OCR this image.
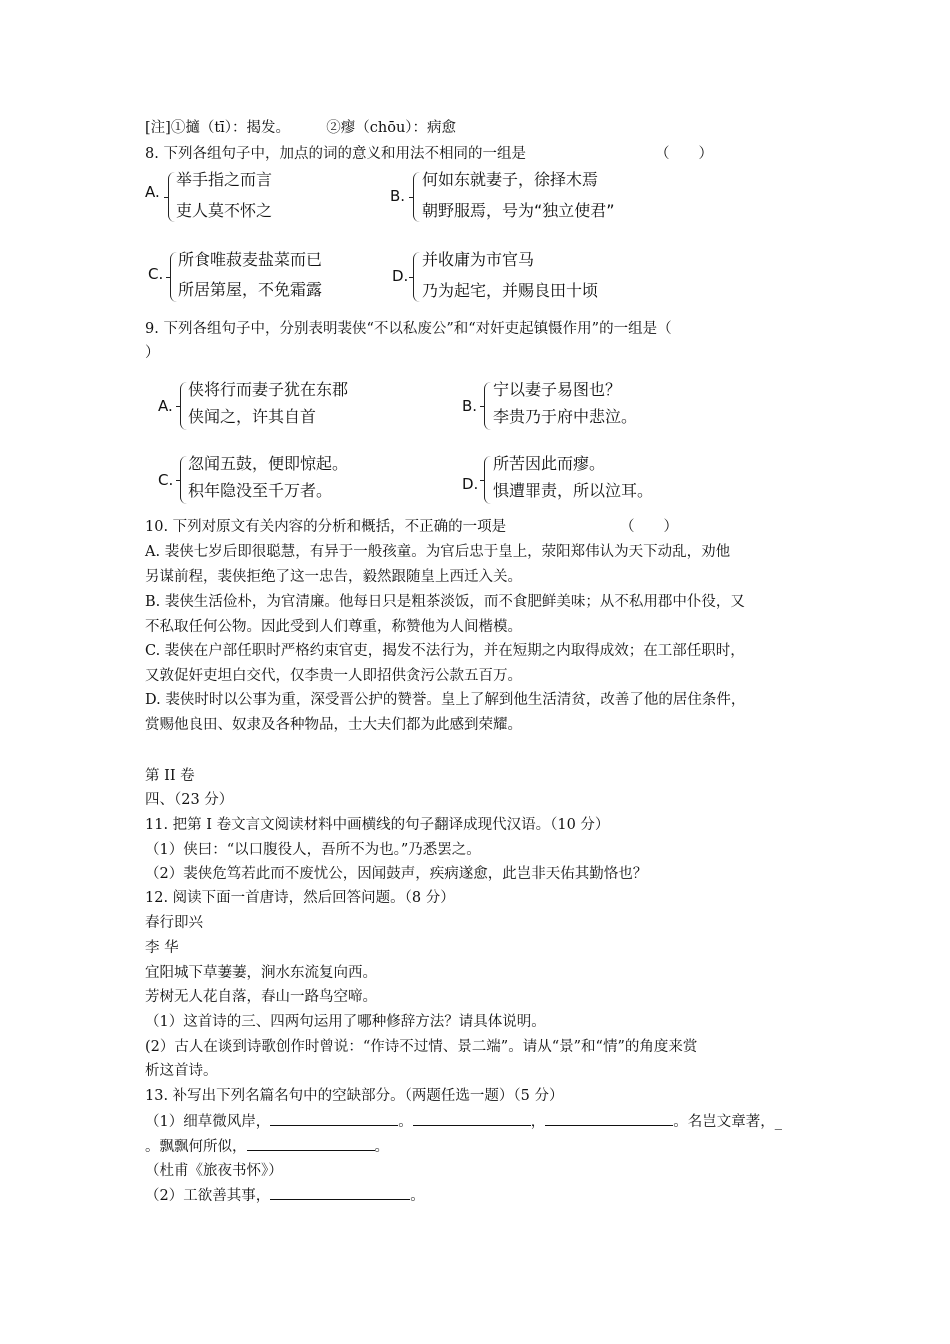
[注]①擿（tī）：揭发。　　　②瘳（chōu）：病愈
8. 下列各组句子中，加点的词的意义和用法不相同的一组是	（　　）
A.
举手指之而言
吏人莫不怀之
B.
何如东就妻子，徐择木焉
朝野服焉，号为“独立使君”
C.
所食唯菽麦盐菜而已
所居第屋，不免霜露
D.
并收庸为市官马
乃为起宅，并赐良田十顷
9. 下列各组句子中，分别表明裴侠“不以私废公”和“对奸吏起镇慑作用”的一组是（
）
A.
侠将行而妻子犹在东郡
侠闻之，许其自首
B.
宁以妻子易图也？
李贵乃于府中悲泣。
C.
忽闻五鼓，便即惊起。
积年隐没至千万者。	D.
所苦因此而瘳。
惧遭罪责，所以泣耳。
10. 下列对原文有关内容的分析和概括，不正确的一项是	（　　）
A. 裴侠七岁后即很聪慧，有异于一般孩童。为官后忠于皇上，荥阳郑伟认为天下动乱，劝他
另谋前程，裴侠拒绝了这一忠告，毅然跟随皇上西迁入关。
B. 裴侠生活俭朴，为官清廉。他每日只是粗茶淡饭，而不食肥鲜美味；从不私用郡中仆役，又
不私取任何公物。因此受到人们尊重，称赞他为人间楷模。
C. 裴侠在户部任职时严格约束官吏，揭发不法行为，并在短期之内取得成效；在工部任职时，
又敦促奸吏坦白交代，仅李贵一人即招供贪污公款五百万。
D. 裴侠时时以公事为重，深受晋公护的赞誉。皇上了解到他生活清贫，改善了他的居住条件，
赏赐他良田、奴隶及各种物品，士大夫们都为此感到荣耀。
第 II 卷
四、（23 分）
11. 把第 I 卷文言文阅读材料中画横线的句子翻译成现代汉语。（10 分）
（1）侠曰：“以口腹役人，吾所不为也。”乃悉罢之。
（2）裴侠危笃若此而不废忧公，因闻鼓声，疾病遂愈，此岂非天佑其勤恪也？
12. 阅读下面一首唐诗，然后回答问题。（8 分）
春行即兴
李 华
宜阳城下草萋萋，涧水东流复向西。
芳树无人花自落，春山一路鸟空啼。
（1）这首诗的三、四两句运用了哪种修辞方法？请具体说明。
(2）古人在谈到诗歌创作时曾说：“作诗不过情、景二端”。请从“景”和“情”的角度来赏
析这首诗。
13. 补写出下列名篇名句中的空缺部分。（两题任选一题）（5 分）
（1）细草微风岸，	。	，	。名岂文章著，_
。飘飘何所似，	。
（杜甫《旅夜书怀》）
（2）工欲善其事，	。
